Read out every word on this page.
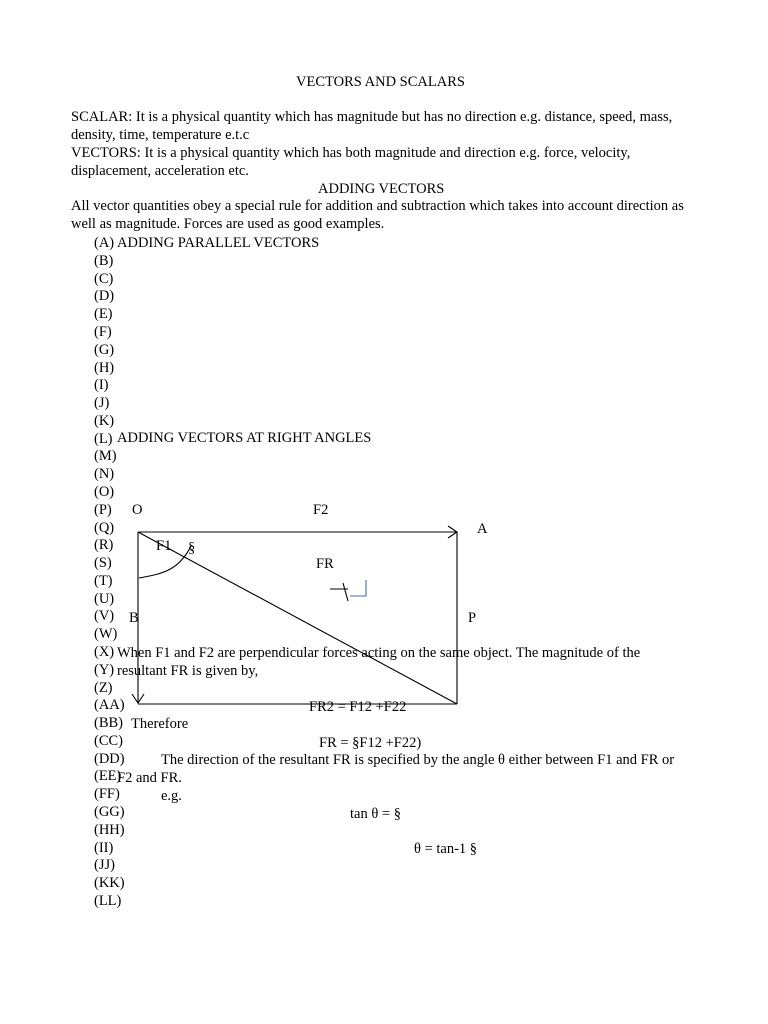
VECTORS AND SCALARS
SCALAR: It is a physical quantity which has magnitude but has no direction e.g. distance, speed, mass, density, time, temperature e.t.c
VECTORS: It is a physical quantity which has both magnitude and direction e.g. force, velocity, displacement, acceleration etc.
ADDING VECTORS
All vector quantities obey a special rule for addition and subtraction which takes into account direction as well as magnitude. Forces are used as good examples.
(A)
(B)
(C)
(D)
(E)
(F)
(G)
(H)
(I)
(J)
(K)
(L)
(M)
(N)
(O)
(P)
(Q)
(R)
(S)
(T)
(U)
(V)
(W)
(X)
(Y)
(Z)
(AA)
(BB)
(CC)
(DD)
(EE)
(FF)
(GG)
(HH)
(II)
(JJ)
(KK)
(LL)
ADDING PARALLEL VECTORS
ADDING VECTORS AT RIGHT ANGLES
O	F2
A
F1 §
FR
B	P
When F1 and F2 are perpendicular forces acting on the same object. The magnitude of the
resultant FR is given by,
FR2 = F12 +F22
Therefore
FR = §F12 +F22)
The direction of the resultant FR is specified by the angle θ either between F1 and FR or
F2 and FR.
e.g.
tan θ = §
θ = tan-1 §
